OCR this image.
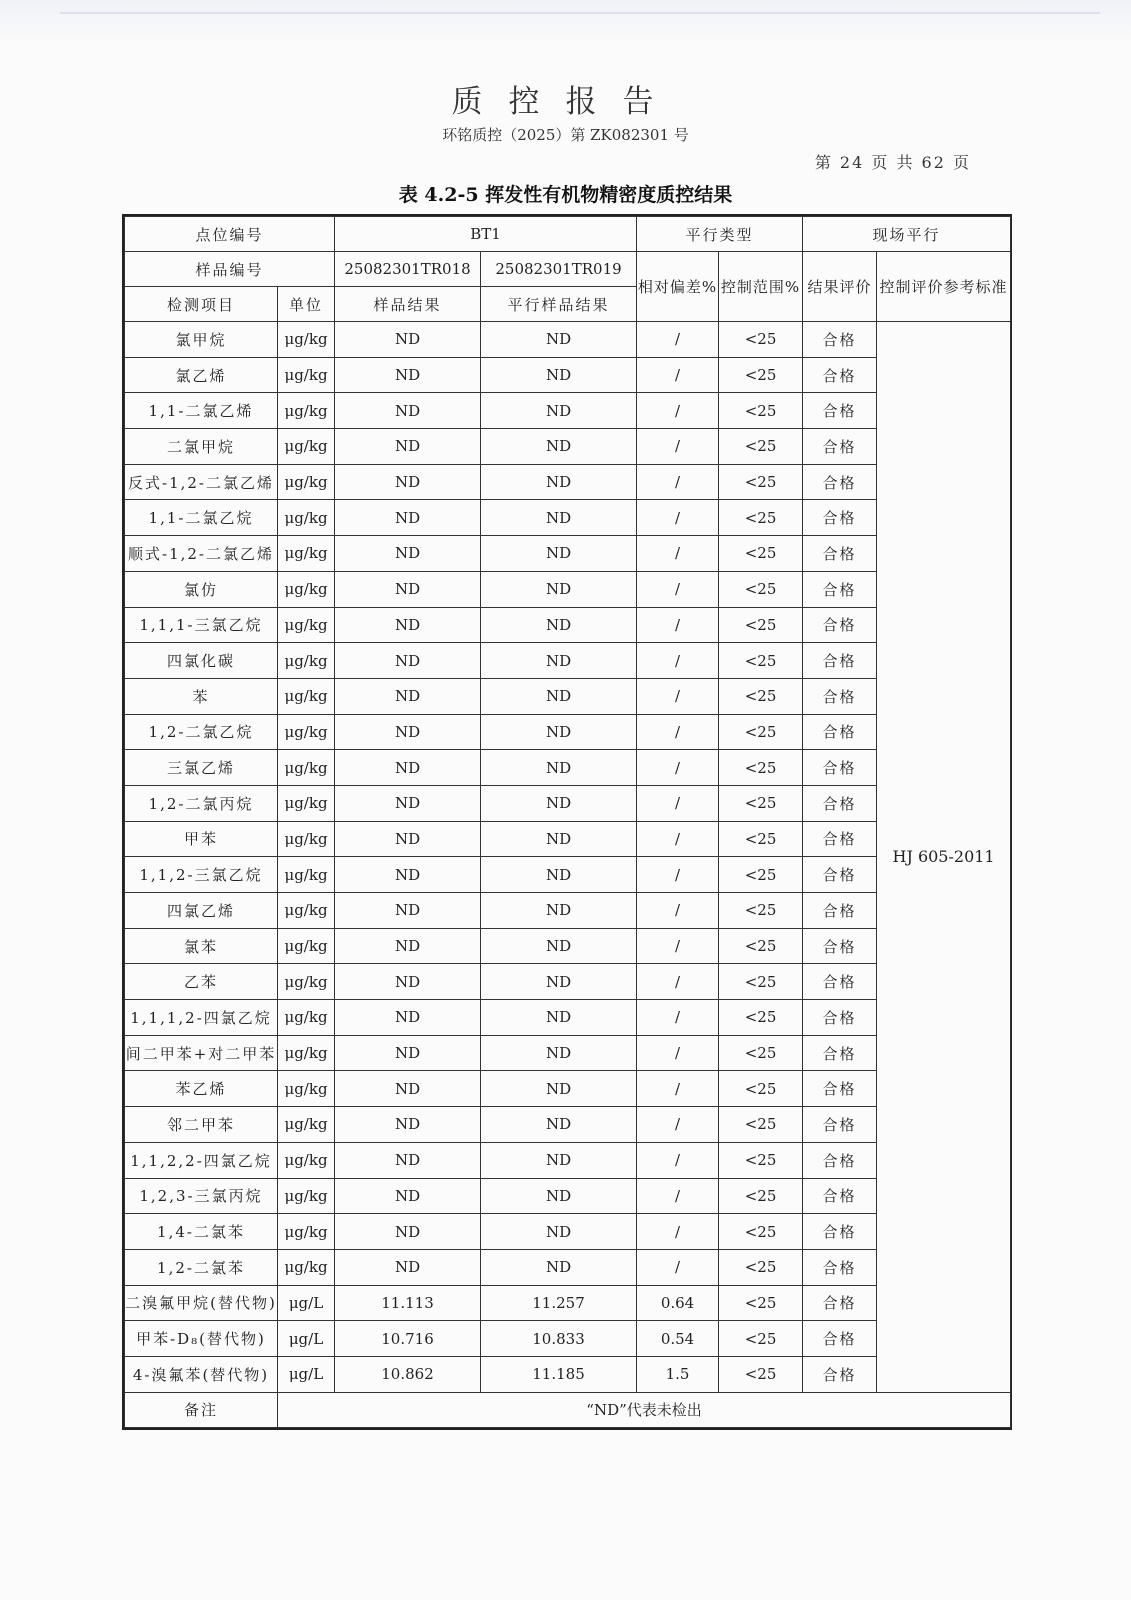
质控报告
环铭质控（2025）第 ZK082301 号
第 24 页 共 62 页
表 4.2-5 挥发性有机物精密度质控结果
点位编号		BT1		平行类型		现场平行	
样品编号		25082301TR018	25082301TR019	相对偏差%	控制范围%	结果评价	控制评价参考标准
检测项目	单位	样品结果	平行样品结果				
氯甲烷	μg/kg	ND	ND	/	<25	合格	HJ 605-2011
氯乙烯	μg/kg	ND	ND	/	<25	合格	
1,1-二氯乙烯	μg/kg	ND	ND	/	<25	合格	
二氯甲烷	μg/kg	ND	ND	/	<25	合格	
反式-1,2-二氯乙烯	μg/kg	ND	ND	/	<25	合格	
1,1-二氯乙烷	μg/kg	ND	ND	/	<25	合格	
顺式-1,2-二氯乙烯	μg/kg	ND	ND	/	<25	合格	
氯仿	μg/kg	ND	ND	/	<25	合格	
1,1,1-三氯乙烷	μg/kg	ND	ND	/	<25	合格	
四氯化碳	μg/kg	ND	ND	/	<25	合格	
苯	μg/kg	ND	ND	/	<25	合格	
1,2-二氯乙烷	μg/kg	ND	ND	/	<25	合格	
三氯乙烯	μg/kg	ND	ND	/	<25	合格	
1,2-二氯丙烷	μg/kg	ND	ND	/	<25	合格	
甲苯	μg/kg	ND	ND	/	<25	合格	
1,1,2-三氯乙烷	μg/kg	ND	ND	/	<25	合格	
四氯乙烯	μg/kg	ND	ND	/	<25	合格	
氯苯	μg/kg	ND	ND	/	<25	合格	
乙苯	μg/kg	ND	ND	/	<25	合格	
1,1,1,2-四氯乙烷	μg/kg	ND	ND	/	<25	合格	
间二甲苯+对二甲苯	μg/kg	ND	ND	/	<25	合格	
苯乙烯	μg/kg	ND	ND	/	<25	合格	
邻二甲苯	μg/kg	ND	ND	/	<25	合格	
1,1,2,2-四氯乙烷	μg/kg	ND	ND	/	<25	合格	
1,2,3-三氯丙烷	μg/kg	ND	ND	/	<25	合格	
1,4-二氯苯	μg/kg	ND	ND	/	<25	合格	
1,2-二氯苯	μg/kg	ND	ND	/	<25	合格	
二溴氟甲烷(替代物)	μg/L	11.113	11.257	0.64	<25	合格	
甲苯-D₈(替代物)	μg/L	10.716	10.833	0.54	<25	合格	
4-溴氟苯(替代物)	μg/L	10.862	11.185	1.5	<25	合格	
备注	“ND”代表未检出						
